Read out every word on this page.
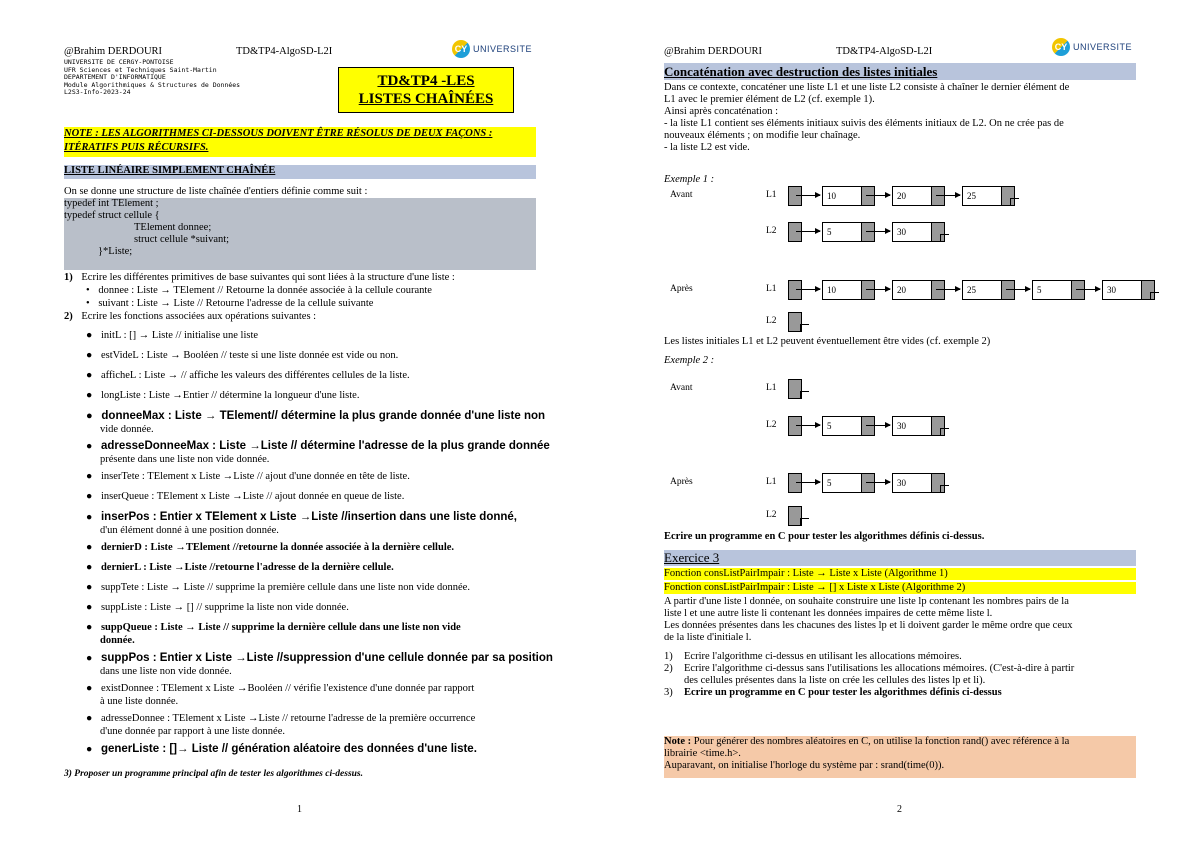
@Brahim DERDOURI	TD&TP4-AlgoSD-L2I	CY UNIVERSITE
UNIVERSITE DE CERGY-PONTOISE
UFR Sciences et Techniques Saint-Martin
DEPARTEMENT D'INFORMATIQUE
Module Algorithmiques & Structures de Données
L2S3-Info-2023-24
TD&TP4 -LES LISTES CHAÎNÉES
NOTE : LES ALGORITHMES CI-DESSOUS DOIVENT ÊTRE RÉSOLUS DE DEUX FAÇONS : ITÉRATIFS PUIS RÉCURSIFS.
LISTE LINÉAIRE SIMPLEMENT CHAÎNÉE
On se donne une structure de liste chaînée d'entiers définie comme suit :
typedef int TElement ;
typedef struct cellule {
TElement donnee;
struct cellule *suivant;
}*Liste;
1) Ecrire les différentes primitives de base suivantes qui sont liées à la structure d'une liste :
• donnee : Liste → TElement // Retourne la donnée associée à la cellule courante
• suivant : Liste → Liste // Retourne l'adresse de la cellule suivante
2) Ecrire les fonctions associées aux opérations suivantes :
● initL : [] → Liste // initialise une liste
● estVideL : Liste → Booléen // teste si une liste donnée est vide ou non.
● afficheL : Liste → // affiche les valeurs des différentes cellules de la liste.
● longListe : Liste →Entier // détermine la longueur d'une liste.
● donneeMax : Liste → TElement// détermine la plus grande donnée d'une liste non
vide donnée.
● adresseDonneeMax : Liste →Liste // détermine l'adresse de la plus grande donnée
présente dans une liste non vide donnée.
● inserTete : TElement x Liste →Liste // ajout d'une donnée en tête de liste.
● inserQueue : TElement x Liste →Liste // ajout donnée en queue de liste.
● inserPos : Entier x TElement x Liste →Liste //insertion dans une liste donné,
d'un élément donné à une position donnée.
● dernierD : Liste →TElement //retourne la donnée associée à la dernière cellule.
● dernierL : Liste →Liste //retourne l'adresse de la dernière cellule.
● suppTete : Liste → Liste // supprime la première cellule dans une liste non vide donnée.
● suppListe : Liste → [] // supprime la liste non vide donnée.
● suppQueue : Liste → Liste // supprime la dernière cellule dans une liste non vide
donnée.
● suppPos : Entier x Liste →Liste //suppression d'une cellule donnée par sa position
dans une liste non vide donnée.
● existDonnee : TElement x Liste →Booléen // vérifie l'existence d'une donnée par rapport
à une liste donnée.
● adresseDonnee : TElement x Liste →Liste // retourne l'adresse de la première occurrence
d'une donnée par rapport à une liste donnée.
● generListe : []→ Liste // génération aléatoire des données d'une liste.
3) Proposer un programme principal afin de tester les algorithmes ci-dessus.
1
@Brahim DERDOURI	TD&TP4-AlgoSD-L2I	CY UNIVERSITE
Concaténation avec destruction des listes initiales
Dans ce contexte, concaténer une liste L1 et une liste L2 consiste à chaîner le dernier élément de
L1 avec le premier élément de L2 (cf. exemple 1).
Ainsi après concaténation :
- la liste L1 contient ses éléments initiaux suivis des éléments initiaux de L2. On ne crée pas de
nouveaux éléments ; on modifie leur chaînage.
- la liste L2 est vide.
Exemple 1 :
Avant	L1	10	20	25
L2	5	30
Après	L1	10	20	25	5	30
L2
Les listes initiales L1 et L2 peuvent éventuellement être vides (cf. exemple 2)
Exemple 2 :
Avant	L1
L2	5	30
Après	L1	5	30
L2
Ecrire un programme en C pour tester les algorithmes définis ci-dessus.
Exercice 3
Fonction consListPairImpair : Liste → Liste x Liste (Algorithme 1)
Fonction consListPairImpair : Liste → [] x Liste x Liste (Algorithme 2)
A partir d'une liste l donnée, on souhaite construire une liste lp contenant les nombres pairs de la
liste l et une autre liste li contenant les données impaires de cette même liste l.
Les données présentes dans les chacunes des listes lp et li doivent garder le même ordre que ceux
de la liste d'initiale l.
1) Ecrire l'algorithme ci-dessus en utilisant les allocations mémoires.
2) Ecrire l'algorithme ci-dessus sans l'utilisations les allocations mémoires. (C'est-à-dire à partir
des cellules présentes dans la liste on crée les cellules des listes lp et li).
3) Ecrire un programme en C pour tester les algorithmes définis ci-dessus
Note : Pour générer des nombres aléatoires en C, on utilise la fonction rand() avec référence à la
librairie <time.h>.
Auparavant, on initialise l'horloge du système par : srand(time(0)).
2
